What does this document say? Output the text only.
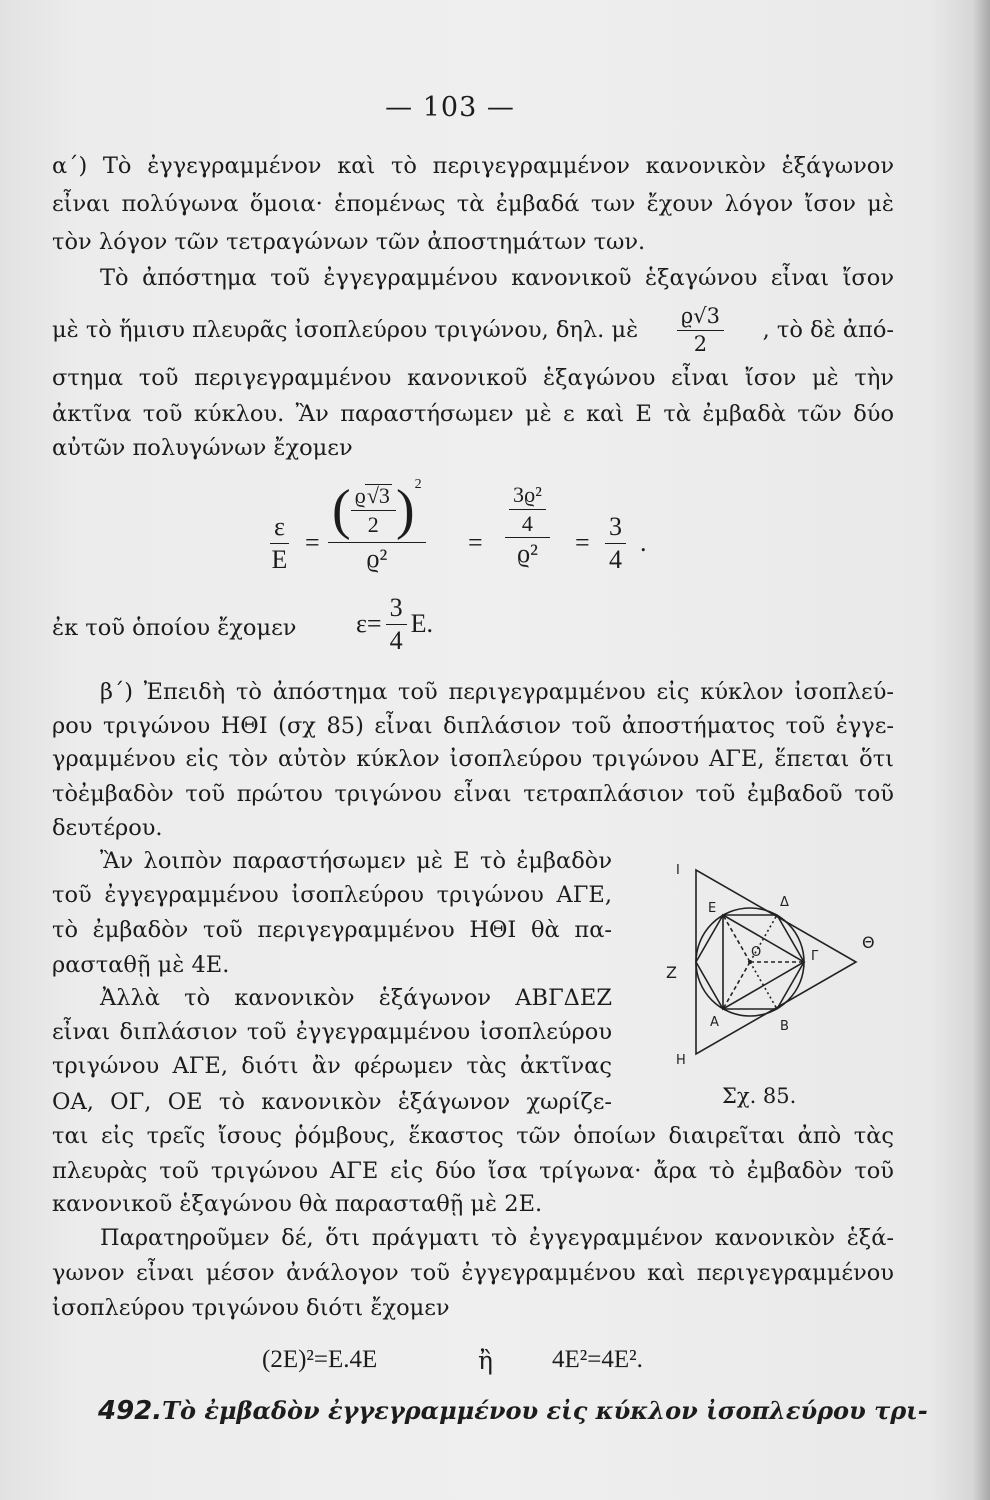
— 103 —
α΄) Τὸ ἐγγεγραμμένον καὶ τὸ περιγεγραμμένον κανονικὸν ἑξάγωνον
εἶναι πολύγωνα ὅμοια· ἑπομένως τὰ ἐμβαδά των ἔχουν λόγον ἴσον μὲ
τὸν λόγον τῶν τετραγώνων τῶν ἀποστημάτων των.
Τὸ ἀπόστημα τοῦ ἐγγεγραμμένου κανονικοῦ ἑξαγώνου εἶναι ἴσον
μὲ τὸ ἥμισυ πλευρᾶς ἰσοπλεύρου τριγώνου, δηλ. μὲ $\frac{ϱ√3}{2}$ , τὸ δὲ ἀπό-
στημα τοῦ περιγεγραμμένου κανονικοῦ ἑξαγώνου εἶναι ἴσον μὲ τὴν
ἀκτῖνα τοῦ κύκλου. Ἂν παραστήσωμεν μὲ ε καὶ Ε τὰ ἐμβαδὰ τῶν δύο
αὐτῶν πολυγώνων ἔχομεν
$\frac{\varepsilon}{E} = \frac{( \frac{ϱ√3}{2} )^2}{\text{ϱ²}} = \frac{\frac{\text{3ϱ²}}{4}}{\text{ϱ²}} = \frac{3}{4}$ .
ἐκ τοῦ ὁποίου ἔχομεν	$\varepsilon= \frac{3}{4} E$.
β΄) Ἐπειδὴ τὸ ἀπόστημα τοῦ περιγεγραμμένου εἰς κύκλον ἰσοπλεύ-
ρου τριγώνου ΗΘΙ (σχ 85) εἶναι διπλάσιον τοῦ ἀποστήματος τοῦ ἐγγε-
γραμμένου εἰς τὸν αὐτὸν κύκλον ἰσοπλεύρου τριγώνου ΑΓΕ, ἕπεται ὅτι
τὸἐμβαδὸν τοῦ πρώτου τριγώνου εἶναι τετραπλάσιον τοῦ ἐμβαδοῦ τοῦ
δευτέρου.
Ἂν λοιπὸν παραστήσωμεν μὲ Ε τὸ ἐμβαδὸν
τοῦ ἐγγεγραμμένου ἰσοπλεύρου τριγώνου ΑΓΕ,
τὸ ἐμβαδὸν τοῦ περιγεγραμμένου ΗΘΙ θὰ πα-
ρασταθῇ μὲ 4Ε.
Ἀλλὰ τὸ κανονικὸν ἑξάγωνον ΑΒΓΔΕΖ
εἶναι διπλάσιον τοῦ ἐγγεγραμμένου ἰσοπλεύρου
τριγώνου ΑΓΕ, διότι ἂν φέρωμεν τὰς ἀκτῖνας
ΟΑ, ΟΓ, ΟΕ τὸ κανονικὸν ἑξάγωνον χωρίζε-
Ι
Ε	Δ
Ο	Γ
Θ
Ζ
Α	Β
Η
Σχ. 85.
ται εἰς τρεῖς ἴσους ῥόμβους, ἕκαστος τῶν ὁποίων διαιρεῖται ἀπὸ τὰς
πλευρὰς τοῦ τριγώνου ΑΓΕ εἰς δύο ἴσα τρίγωνα· ἄρα τὸ ἐμβαδὸν τοῦ
κανονικοῦ ἑξαγώνου θὰ παρασταθῇ μὲ 2Ε.
Παρατηροῦμεν δέ, ὅτι πράγματι τὸ ἐγγεγραμμένον κανονικὸν ἑξά-
γωνον εἶναι μέσον ἀνάλογον τοῦ ἐγγεγραμμένου καὶ περιγεγραμμένου
ἰσοπλεύρου τριγώνου διότι ἔχομεν
(2Ε)²=Ε.4Ε	ἢ 4Ε²=4Ε².
492. Τὸ ἐμβαδὸν ἐγγεγραμμένου εἰς κύκλον ἰσοπλεύρου τρι-
